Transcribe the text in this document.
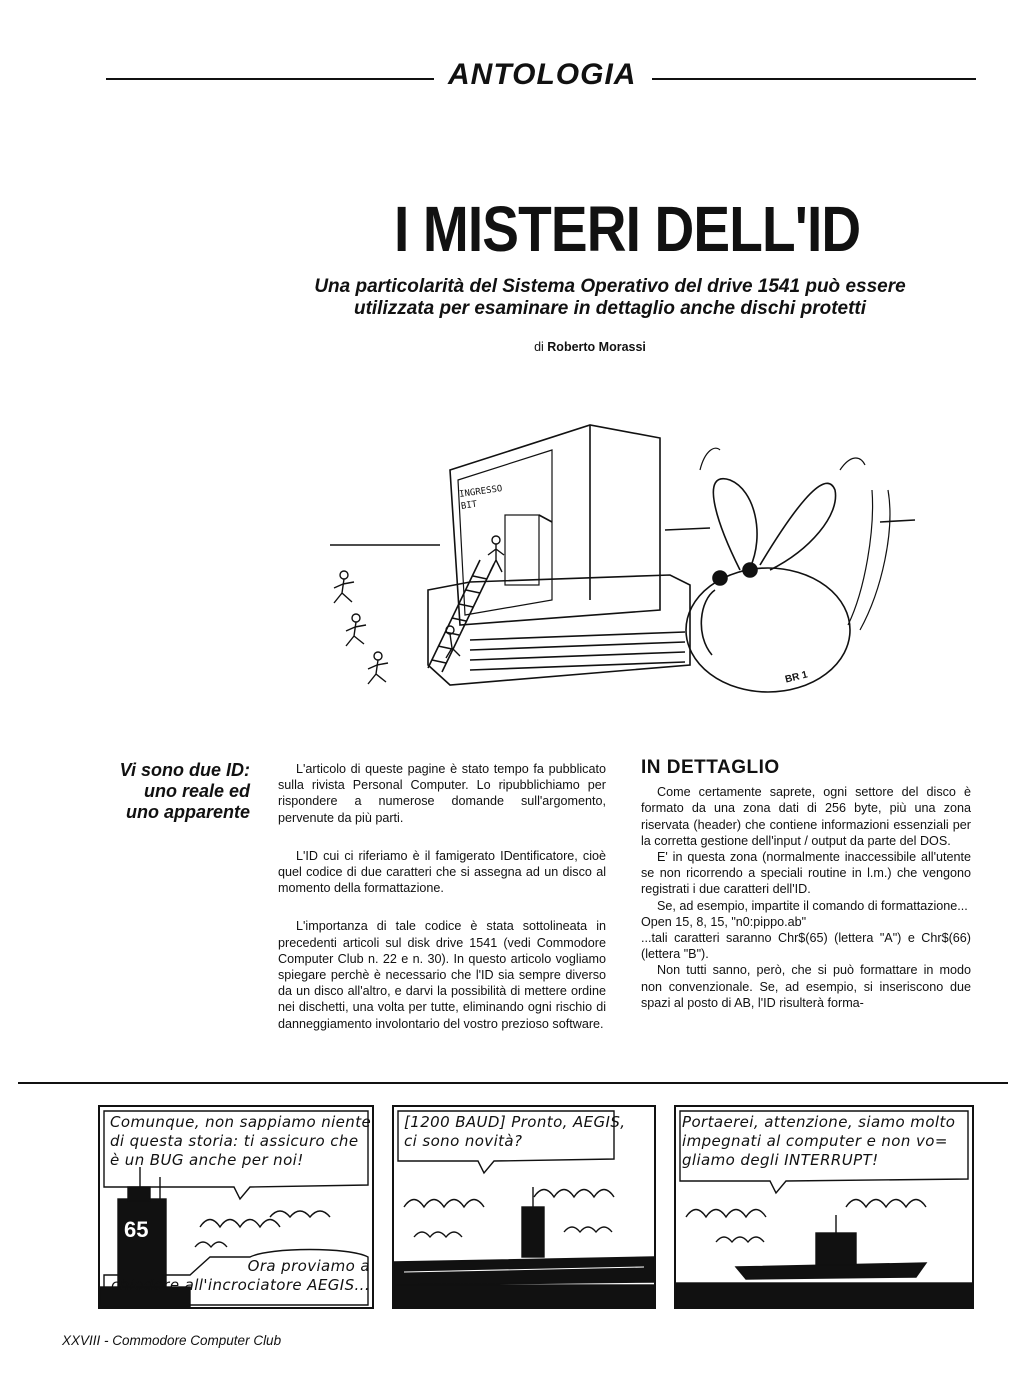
ANTOLOGIA
I MISTERI DELL'ID
Una particolarità del Sistema Operativo del drive 1541 può essere
utilizzata per esaminare in dettaglio anche dischi protetti
di Roberto Morassi
INGRESSO
BIT
BR 1
Vi sono due ID:
uno reale ed
uno apparente

L'articolo di queste pagine è stato tempo fa pubblicato sulla rivista Personal Computer. Lo ripubblichiamo per rispondere a numerose domande sull'argomento, pervenute da più parti.

L'ID cui ci riferiamo è il famigerato IDentificatore, cioè quel codice di due caratteri che si assegna ad un disco al momento della formattazione.

L'importanza di tale codice è stata sottolineata in precedenti articoli sul disk drive 1541 (vedi Commodore Computer Club n. 22 e n. 30). In questo articolo vogliamo spiegare perchè è necessario che l'ID sia sempre diverso da un disco all'altro, e darvi la possibilità di mettere ordine nei dischetti, una volta per tutte, eliminando ogni rischio di danneggiamento involontario del vostro prezioso software.

IN DETTAGLIO

Come certamente saprete, ogni settore del disco è formato da una zona dati di 256 byte, più una zona riservata (header) che contiene informazioni essenziali per la corretta gestione dell'input / output da parte del DOS.

E' in questa zona (normalmente inaccessibile all'utente se non ricorrendo a speciali routine in l.m.) che vengono registrati i due caratteri dell'ID.

Se, ad esempio, impartite il comando di formattazione...

Open 15, 8, 15, "n0:pippo.ab"

...tali caratteri saranno Chr$(65) (lettera "A") e Chr$(66) (lettera "B").

Non tutti sanno, però, che si può formattare in modo non convenzionale. Se, ad esempio, si inseriscono due spazi al posto di AB, l'ID risulterà forma-

65
Comunque, non sappiamo niente
di questa storia: ti assicuro che
è un BUG anche per noi!
Ora proviamo a
chiedere all'incrociatore AEGIS...
[1200 BAUD] Pronto, AEGIS,
ci sono novità?
Portaerei, attenzione, siamo molto
impegnati al computer e non vo=
gliamo degli INTERRUPT!
XXVIII - Commodore Computer Club
